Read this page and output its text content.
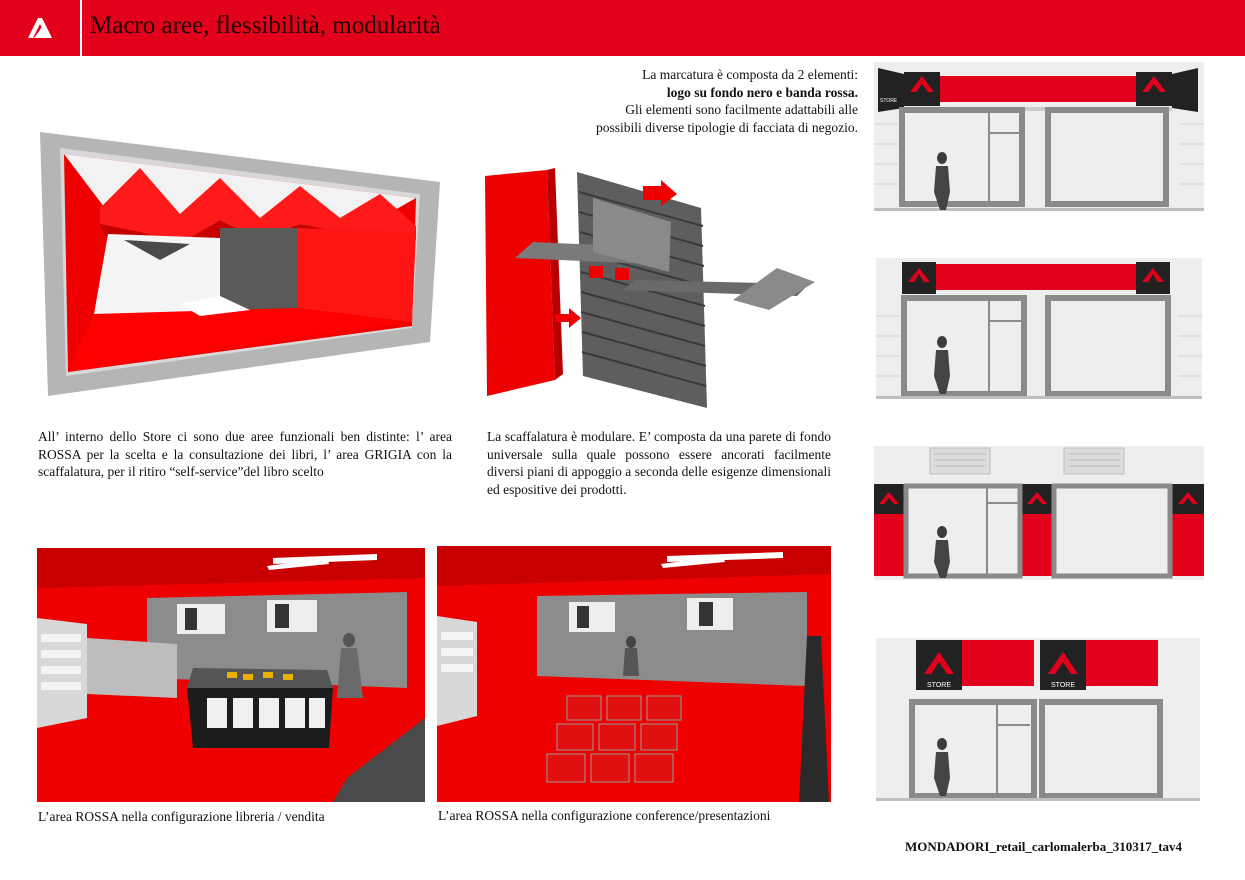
Macro aree, flessibilità, modularità
La marcatura è composta da 2 elementi:
logo su fondo nero e banda rossa.
Gli elementi sono facilmente adattabili alle
possibili diverse tipologie di facciata di negozio.
All’ interno dello Store ci sono due aree funzionali ben distinte: l’ area ROSSA per la scelta e la consultazione dei libri, l’ area GRIGIA con la scaffalatura, per il ritiro “self-service”del libro scelto
La scaffalatura è modulare. E’ composta da una parete di fondo universale sulla quale possono essere ancorati facilmente diversi piani di appoggio a seconda delle esigenze dimensionali ed espositive dei prodotti.
STORE
STORE	STORE
L’area ROSSA nella configurazione libreria / vendita	L’area ROSSA nella configurazione conference/presentazioni
MONDADORI_retail_carlomalerba_310317_tav4
